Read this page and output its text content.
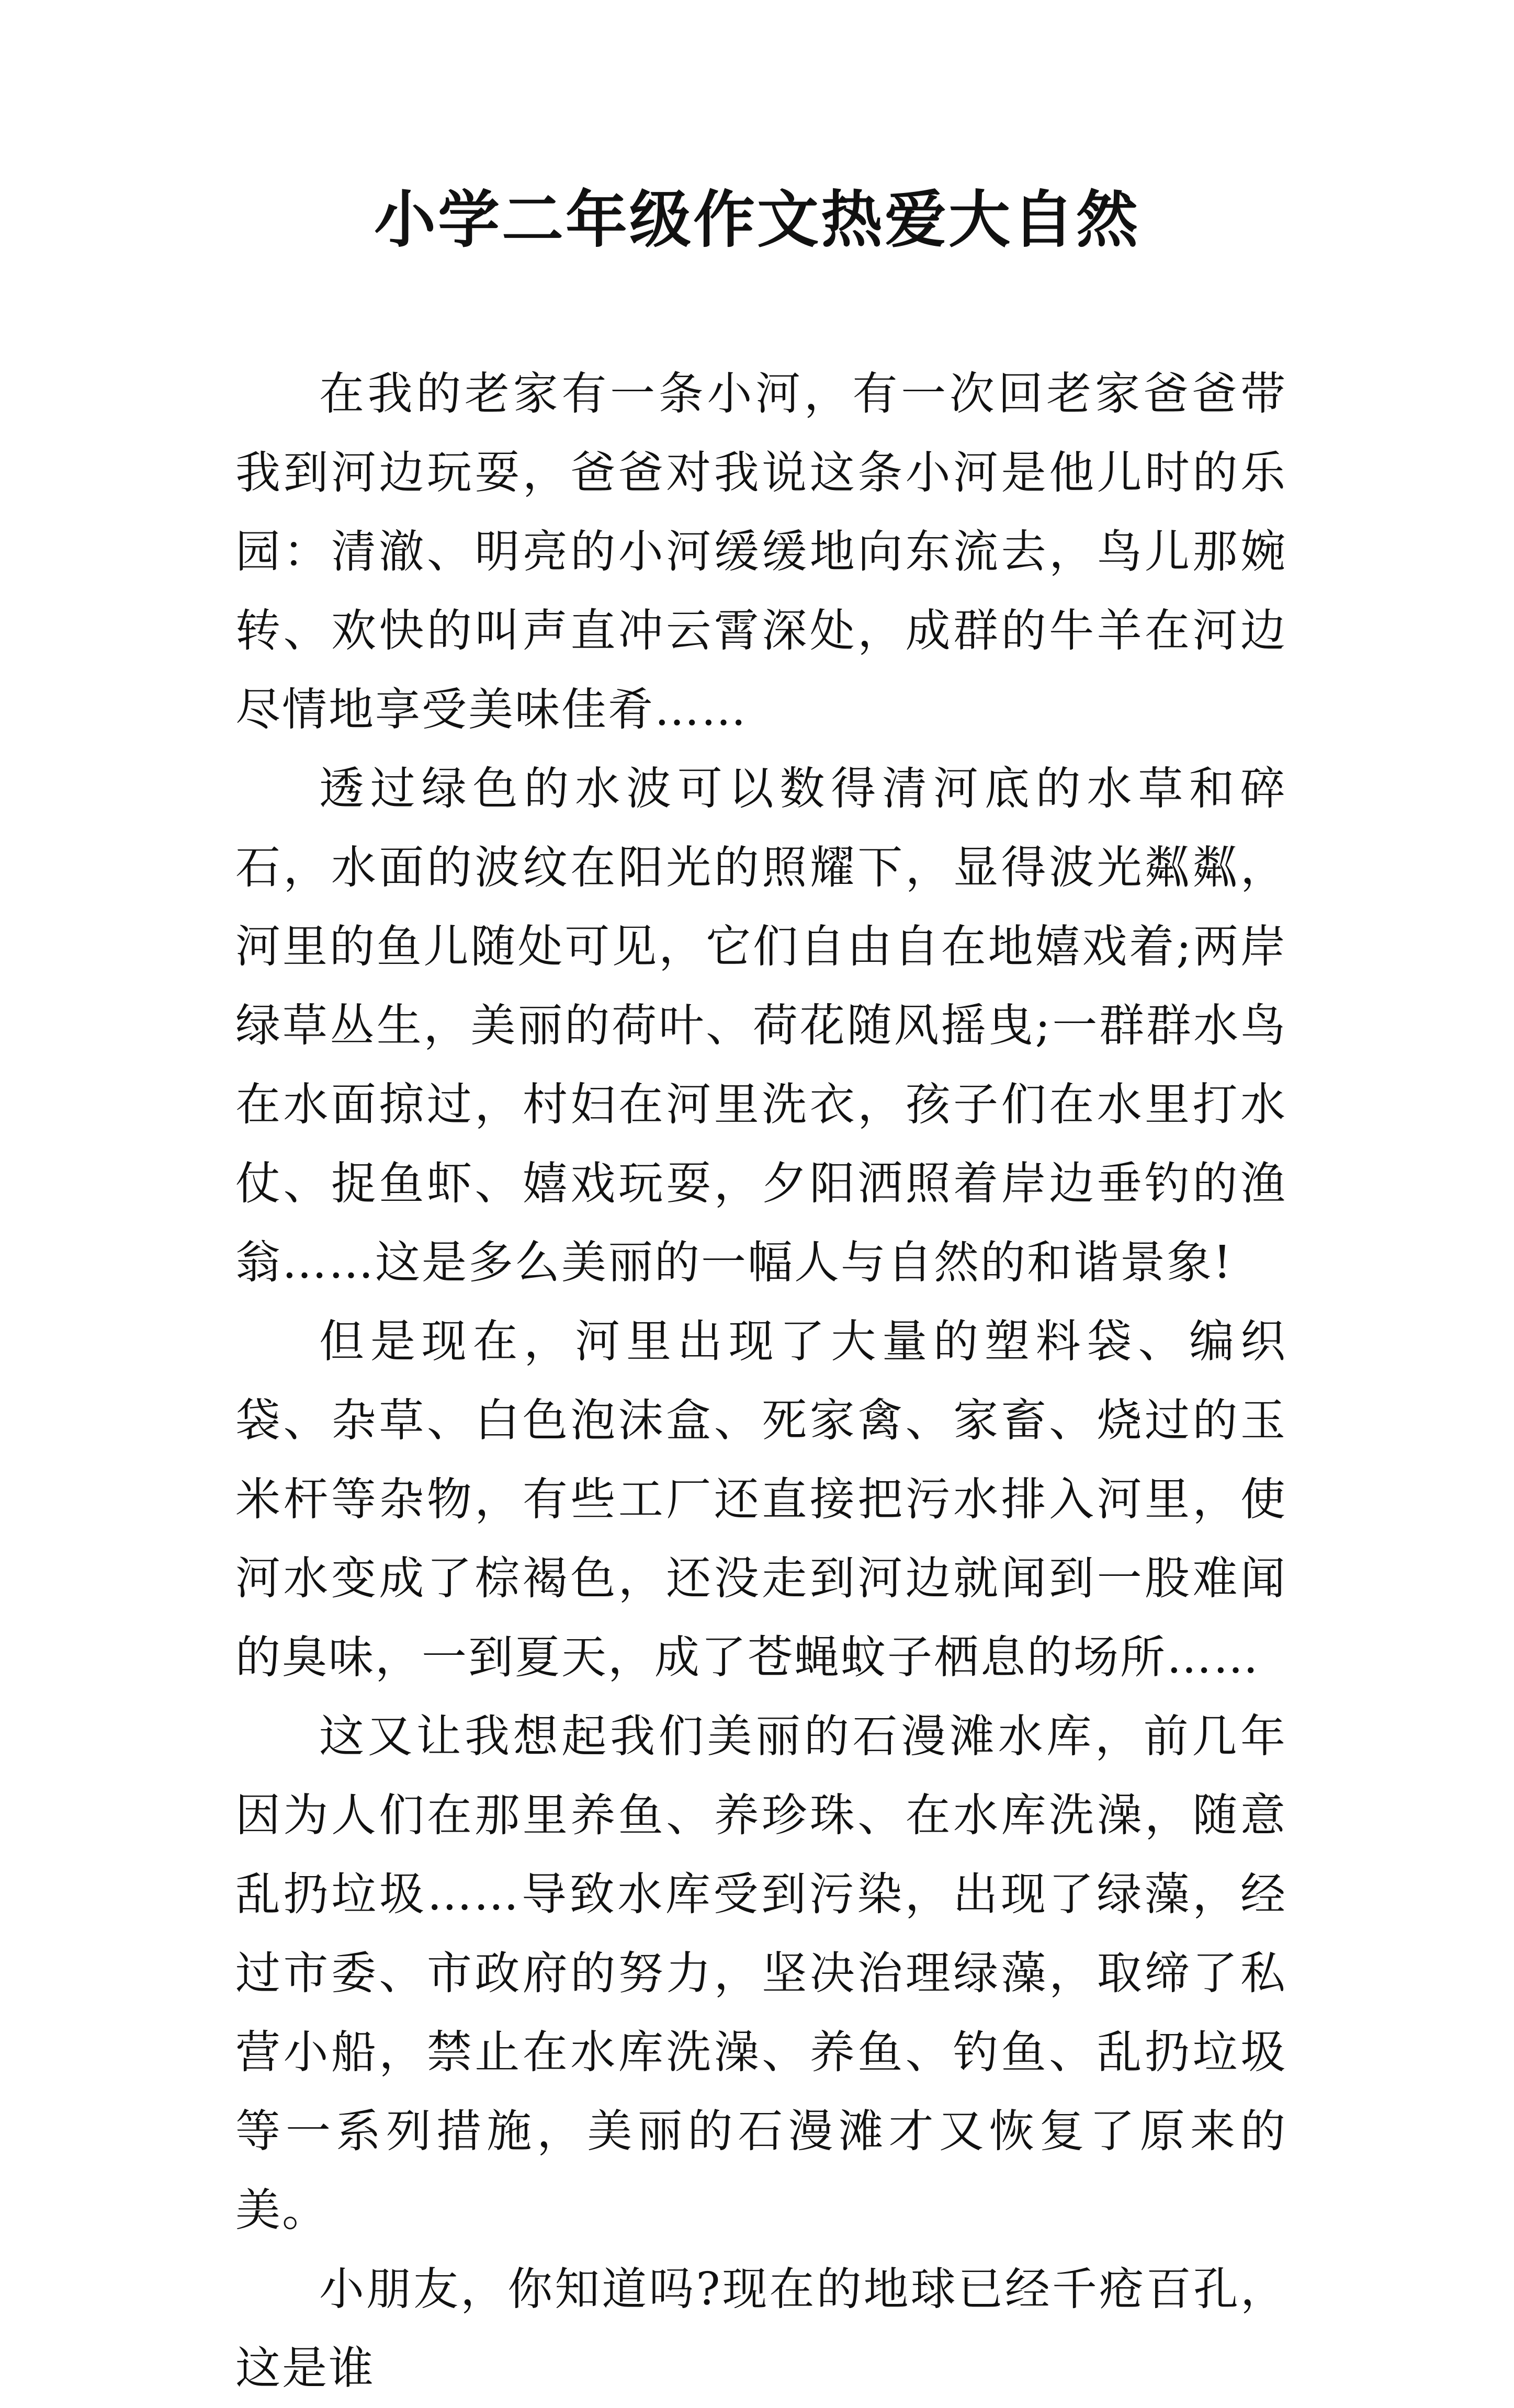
小学二年级作文热爱大自然

在我的老家有一条小河，有一次回老家爸爸带我到河边玩耍，爸爸对我说这条小河是他儿时的乐园：清澈、明亮的小河缓缓地向东流去，鸟儿那婉转、欢快的叫声直冲云霄深处，成群的牛羊在河边尽情地享受美味佳肴……

透过绿色的水波可以数得清河底的水草和碎石，水面的波纹在阳光的照耀下，显得波光粼粼，河里的鱼儿随处可见，它们自由自在地嬉戏着;两岸绿草丛生，美丽的荷叶、荷花随风摇曳;一群群水鸟在水面掠过，村妇在河里洗衣，孩子们在水里打水仗、捉鱼虾、嬉戏玩耍，夕阳洒照着岸边垂钓的渔翁……这是多么美丽的一幅人与自然的和谐景象!

但是现在，河里出现了大量的塑料袋、编织袋、杂草、白色泡沫盒、死家禽、家畜、烧过的玉米杆等杂物，有些工厂还直接把污水排入河里，使河水变成了棕褐色，还没走到河边就闻到一股难闻的臭味，一到夏天，成了苍蝇蚊子栖息的场所……

这又让我想起我们美丽的石漫滩水库，前几年因为人们在那里养鱼、养珍珠、在水库洗澡，随意乱扔垃圾……导致水库受到污染，出现了绿藻，经过市委、市政府的努力，坚决治理绿藻，取缔了私营小船，禁止在水库洗澡、养鱼、钓鱼、乱扔垃圾等一系列措施，美丽的石漫滩才又恢复了原来的美。

小朋友，你知道吗?现在的地球已经千疮百孔，这是谁
